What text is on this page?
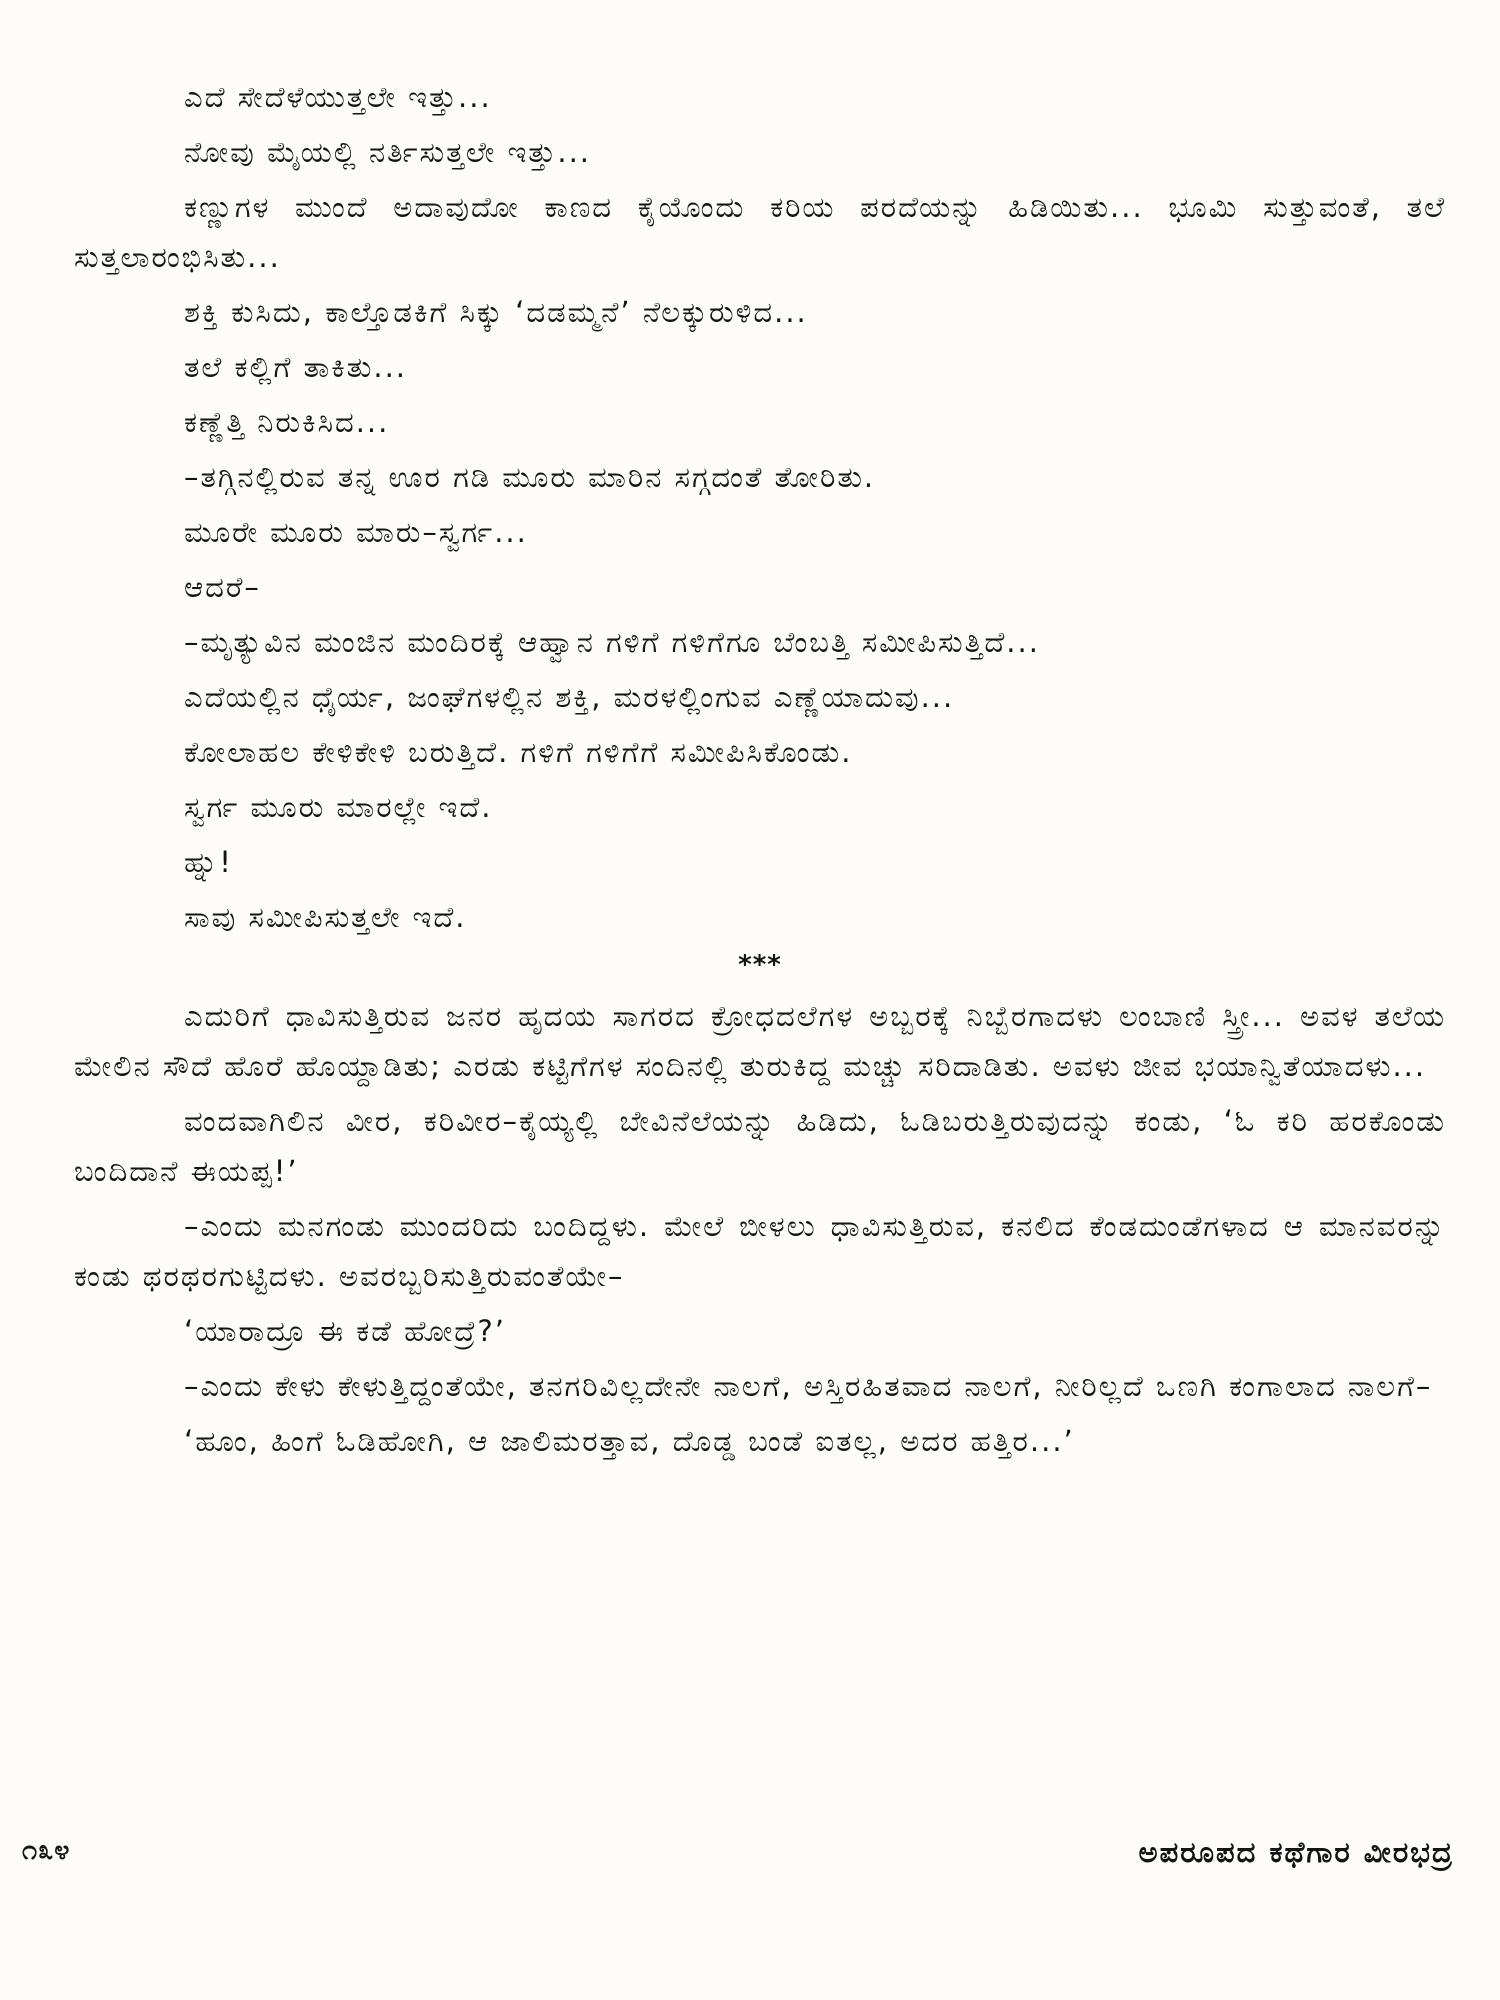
ಎದೆ ಸೇದೆಳೆಯುತ್ತಲೇ ಇತ್ತು...

ನೋವು ಮೈಯಲ್ಲಿ ನರ್ತಿಸುತ್ತಲೇ ಇತ್ತು...

ಕಣ್ಣುಗಳ ಮುಂದೆ ಅದಾವುದೋ ಕಾಣದ ಕೈಯೊಂದು ಕರಿಯ ಪರದೆಯನ್ನು ಹಿಡಿಯಿತು... ಭೂಮಿ ಸುತ್ತುವಂತೆ, ತಲೆ ಸುತ್ತಲಾರಂಭಿಸಿತು...

ಶಕ್ತಿ ಕುಸಿದು, ಕಾಲ್ತೊಡಕಿಗೆ ಸಿಕ್ಕು ‘ದಡಮ್ಮನೆ’ ನೆಲಕ್ಕುರುಳಿದ...

ತಲೆ ಕಲ್ಲಿಗೆ ತಾಕಿತು...

ಕಣ್ಣೆತ್ತಿ ನಿರುಕಿಸಿದ...

–ತಗ್ಗಿನಲ್ಲಿರುವ ತನ್ನ ಊರ ಗಡಿ ಮೂರು ಮಾರಿನ ಸಗ್ಗದಂತೆ ತೋರಿತು.

ಮೂರೇ ಮೂರು ಮಾರು–ಸ್ವರ್ಗ...

ಆದರೆ–

–ಮೃತ್ಯುವಿನ ಮಂಜಿನ ಮಂದಿರಕ್ಕೆ ಆಹ್ವಾನ ಗಳಿಗೆ ಗಳಿಗೆಗೂ ಬೆಂಬತ್ತಿ ಸಮೀಪಿಸುತ್ತಿದೆ...

ಎದೆಯಲ್ಲಿನ ಧೈರ್ಯ, ಜಂಘೆಗಳಲ್ಲಿನ ಶಕ್ತಿ, ಮರಳಲ್ಲಿಂಗುವ ಎಣ್ಣೆಯಾದುವು...

ಕೋಲಾಹಲ ಕೇಳಿಕೇಳಿ ಬರುತ್ತಿದೆ. ಗಳಿಗೆ ಗಳಿಗೆಗೆ ಸಮೀಪಿಸಿಕೊಂಡು.

ಸ್ವರ್ಗ ಮೂರು ಮಾರಲ್ಲೇ ಇದೆ.

ಹ್ನು!

ಸಾವು ಸಮೀಪಿಸುತ್ತಲೇ ಇದೆ.

***

ಎದುರಿಗೆ ಧಾವಿಸುತ್ತಿರುವ ಜನರ ಹೃದಯ ಸಾಗರದ ಕ್ರೋಧದಲೆಗಳ ಅಬ್ಬರಕ್ಕೆ ನಿಬ್ಬೆರಗಾದಳು ಲಂಬಾಣಿ ಸ್ತ್ರೀ... ಅವಳ ತಲೆಯ ಮೇಲಿನ ಸೌದೆ ಹೊರೆ ಹೊಯ್ದಾಡಿತು; ಎರಡು ಕಟ್ಟಿಗೆಗಳ ಸಂದಿನಲ್ಲಿ ತುರುಕಿದ್ದ ಮಚ್ಚು ಸರಿದಾಡಿತು. ಅವಳು ಜೀವ ಭಯಾನ್ವಿತೆಯಾದಳು...

ವಂದವಾಗಿಲಿನ ವೀರ, ಕರಿವೀರ–ಕೈಯ್ಯಲ್ಲಿ ಬೇವಿನೆಲೆಯನ್ನು ಹಿಡಿದು, ಓಡಿಬರುತ್ತಿರುವುದನ್ನು ಕಂಡು, ‘ಓ ಕರಿ ಹರಕೊಂಡು ಬಂದಿದಾನೆ ಈಯಪ್ಪ!’

–ಎಂದು ಮನಗಂಡು ಮುಂದರಿದು ಬಂದಿದ್ದಳು. ಮೇಲೆ ಬೀಳಲು ಧಾವಿಸುತ್ತಿರುವ, ಕನಲಿದ ಕೆಂಡದುಂಡೆಗಳಾದ ಆ ಮಾನವರನ್ನು ಕಂಡು ಥರಥರಗುಟ್ಟಿದಳು. ಅವರಬ್ಬರಿಸುತ್ತಿರುವಂತೆಯೇ–

‘ಯಾರಾದ್ರೂ ಈ ಕಡೆ ಹೋದ್ರೆ?’

–ಎಂದು ಕೇಳು ಕೇಳುತ್ತಿದ್ದಂತೆಯೇ, ತನಗರಿವಿಲ್ಲದೇನೇ ನಾಲಗೆ, ಅಸ್ತಿರಹಿತವಾದ ನಾಲಗೆ, ನೀರಿಲ್ಲದೆ ಒಣಗಿ ಕಂಗಾಲಾದ ನಾಲಗೆ–

‘ಹೂಂ, ಹಿಂಗೆ ಓಡಿಹೋಗಿ, ಆ ಜಾಲಿಮರತ್ತಾವ, ದೊಡ್ಡ ಬಂಡೆ ಐತಲ್ಲ, ಅದರ ಹತ್ತಿರ...’

೧೩೪	ಅಪರೂಪದ ಕಥೆಗಾರ ವೀರಭದ್ರ
